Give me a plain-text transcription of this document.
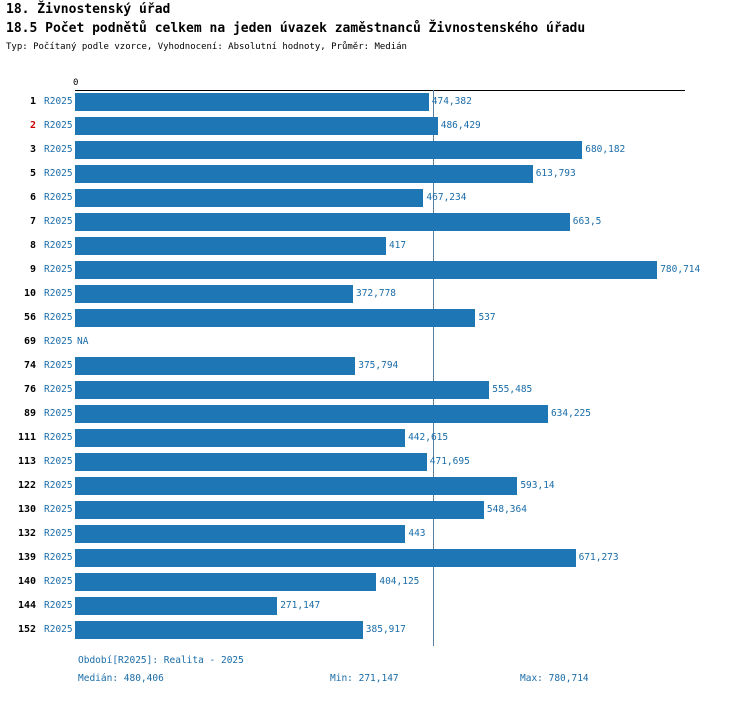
18. Živnostenský úřad
18.5 Počet podnětů celkem na jeden úvazek zaměstnanců Živnostenského úřadu
Typ: Počítaný podle vzorce, Vyhodnocení: Absolutní hodnoty, Průměr: Medián
0
1 R2025	474,382
2 R2025	486,429
3 R2025	680,182
5 R2025	613,793
6 R2025	467,234
7 R2025	663,5
8 R2025	417
9 R2025	780,714
10 R2025	372,778
56 R2025	537
69 R2025 NA
74 R2025	375,794
76 R2025	555,485
89 R2025	634,225
111 R2025	442,615
113 R2025	471,695
122 R2025	593,14
130 R2025	548,364
132 R2025	443
139 R2025	671,273
140 R2025	404,125
144 R2025	271,147
152 R2025	385,917
Období[R2025]: Realita - 2025
Medián: 480,406	Min: 271,147	Max: 780,714
